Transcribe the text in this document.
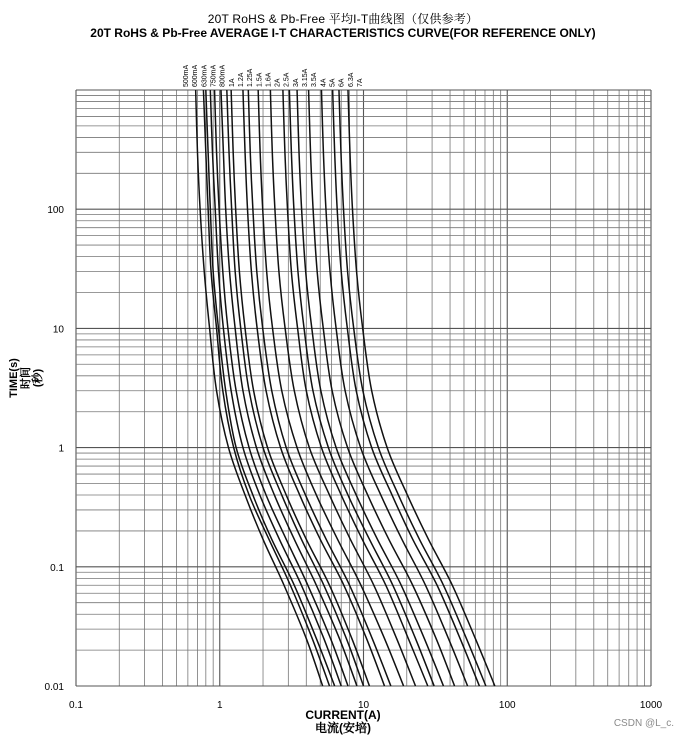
20T RoHS & Pb-Free 平均I-T曲线图（仅供参考）
20T RoHS & Pb-Free AVERAGE I-T CHARACTERISTICS CURVE(FOR REFERENCE ONLY)
TIME(s) 时间(秒)
CURRENT(A)
电流(安培)	CSDN @L_c.
0.1	1	10	100	1000
0.01
0.1
1
10
100
500mA 600mA 630mA 750mA 800mA 1A 1.2A 1.25A 1.5A 1.6A 2A 2.5A 3A 3.15A 3.5A 4A 5A 6A 6.3A 7A
